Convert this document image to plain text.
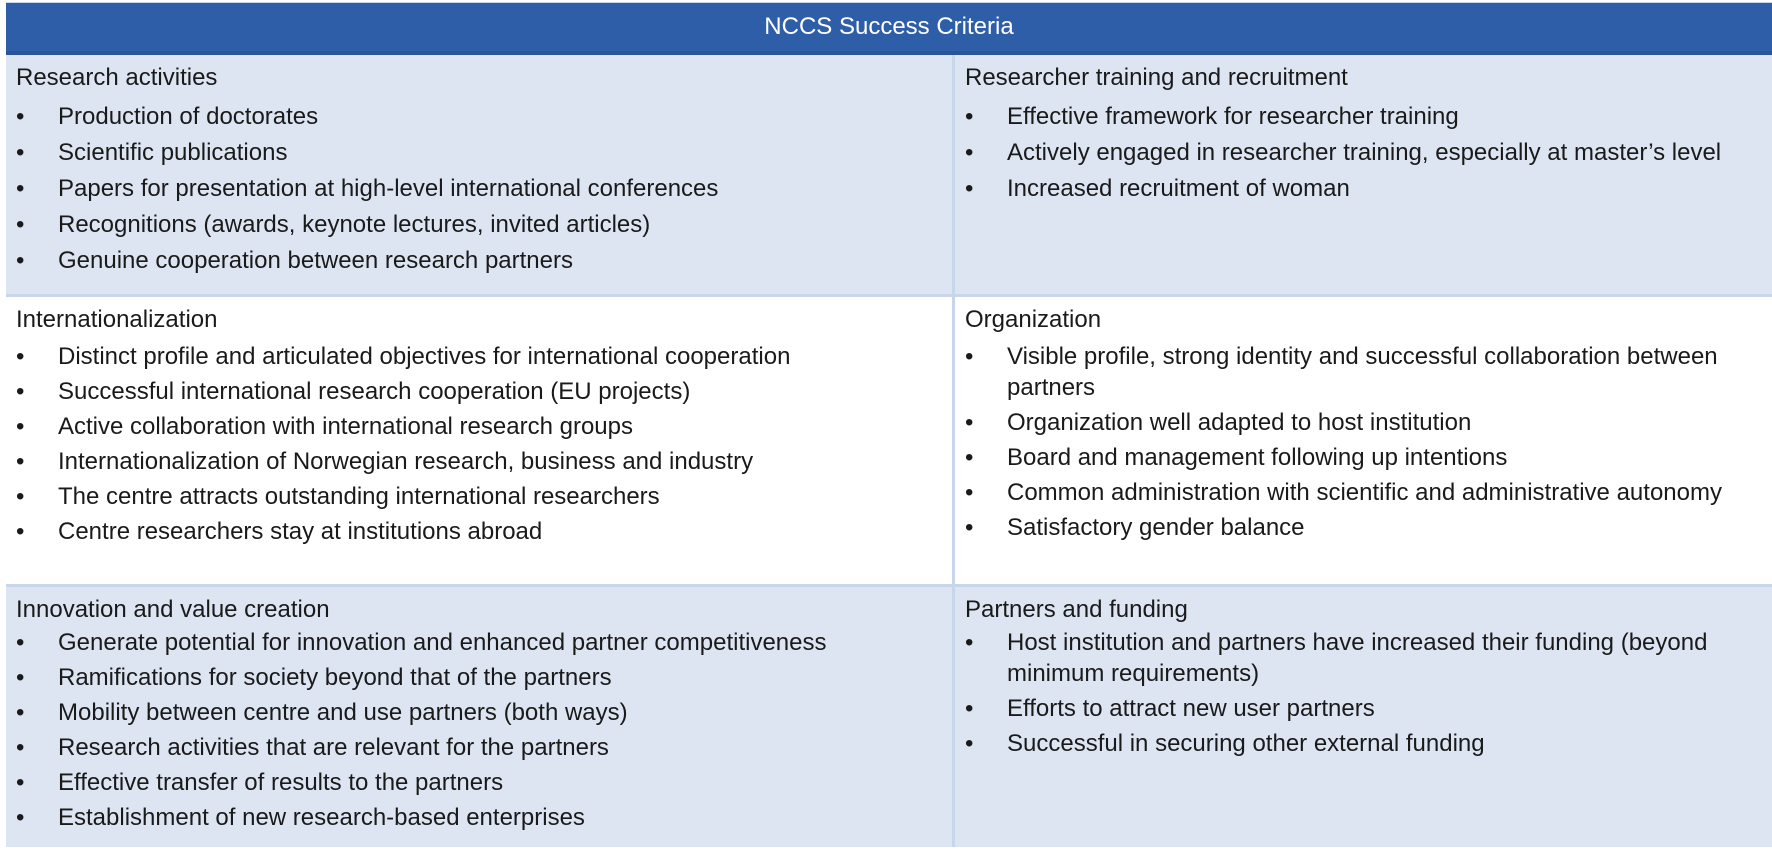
NCCS Success Criteria
Research activities
• Production of doctorates
• Scientific publications
• Papers for presentation at high-level international conferences
• Recognitions (awards, keynote lectures, invited articles)
• Genuine cooperation between research partners
Researcher training and recruitment
• Effective framework for researcher training
• Actively engaged in researcher training, especially at master’s level
• Increased recruitment of woman
Internationalization
• Distinct profile and articulated objectives for international cooperation
• Successful international research cooperation (EU projects)
• Active collaboration with international research groups
• Internationalization of Norwegian research, business and industry
• The centre attracts outstanding international researchers
• Centre researchers stay at institutions abroad
Organization
• Visible profile, strong identity and successful collaboration between partners
• Organization well adapted to host institution
• Board and management following up intentions
• Common administration with scientific and administrative autonomy
• Satisfactory gender balance
Innovation and value creation
• Generate potential for innovation and enhanced partner competitiveness
• Ramifications for society beyond that of the partners
• Mobility between centre and use partners (both ways)
• Research activities that are relevant for the partners
• Effective transfer of results to the partners
• Establishment of new research-based enterprises
Partners and funding
• Host institution and partners have increased their funding (beyond minimum requirements)
• Efforts to attract new user partners
• Successful in securing other external funding
